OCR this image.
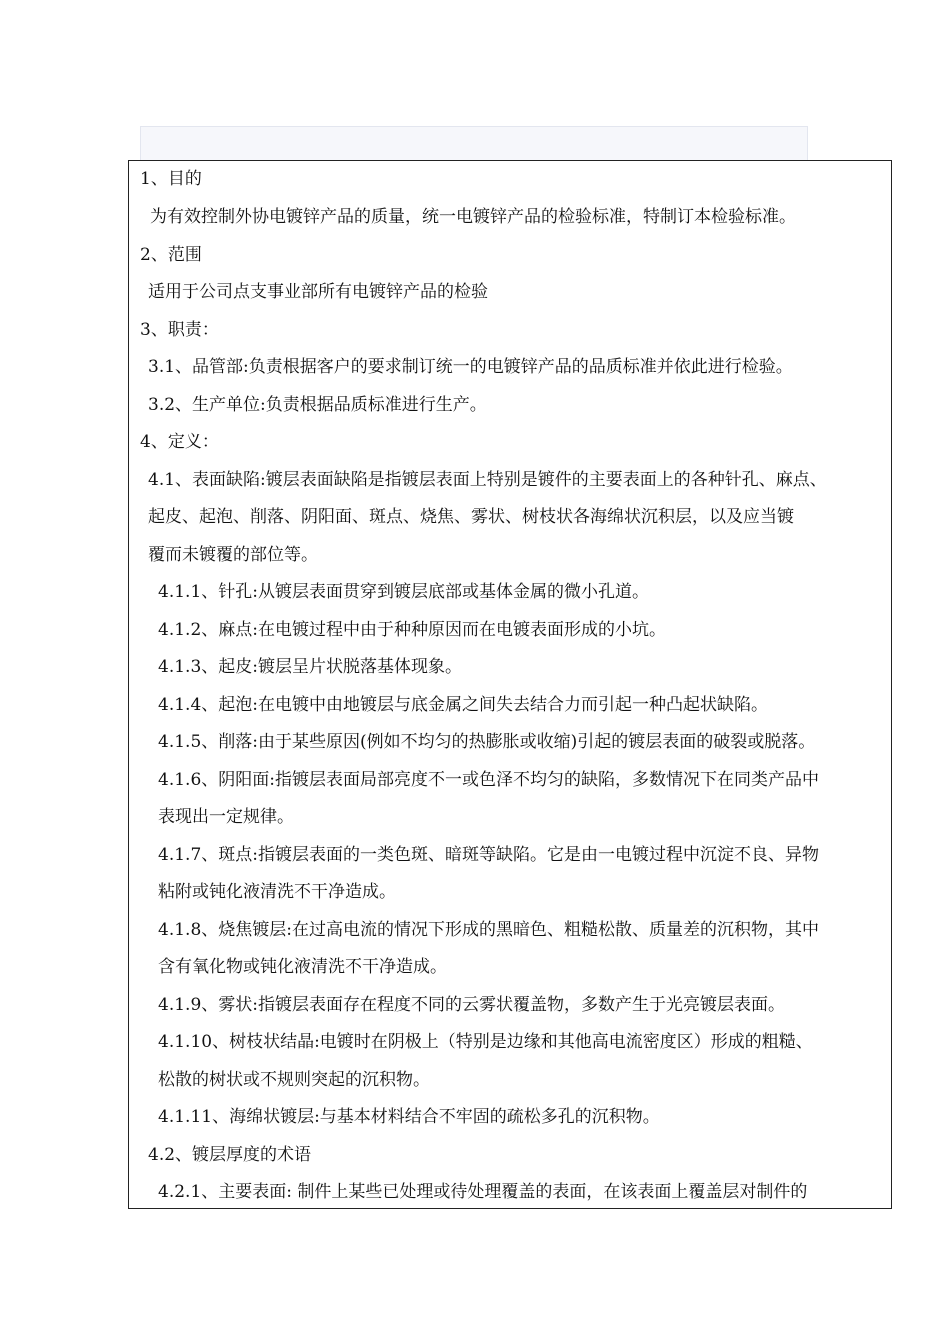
1、目的
为有效控制外协电镀锌产品的质量，统一电镀锌产品的检验标准，特制订本检验标准。
2、范围
适用于公司点支事业部所有电镀锌产品的检验
3、职责：
3.1、品管部:负责根据客户的要求制订统一的电镀锌产品的品质标准并依此进行检验。
3.2、生产单位:负责根据品质标准进行生产。
4、定义：
4.1、表面缺陷:镀层表面缺陷是指镀层表面上特别是镀件的主要表面上的各种针孔、麻点、
起皮、起泡、削落、阴阳面、斑点、烧焦、雾状、树枝状各海绵状沉积层，以及应当镀
覆而未镀覆的部位等。
4.1.1、针孔:从镀层表面贯穿到镀层底部或基体金属的微小孔道。
4.1.2、麻点:在电镀过程中由于种种原因而在电镀表面形成的小坑。
4.1.3、起皮:镀层呈片状脱落基体现象。
4.1.4、起泡:在电镀中由地镀层与底金属之间失去结合力而引起一种凸起状缺陷。
4.1.5、削落:由于某些原因(例如不均匀的热膨胀或收缩)引起的镀层表面的破裂或脱落。
4.1.6、阴阳面:指镀层表面局部亮度不一或色泽不均匀的缺陷，多数情况下在同类产品中
表现出一定规律。
4.1.7、斑点:指镀层表面的一类色斑、暗斑等缺陷。它是由一电镀过程中沉淀不良、异物
粘附或钝化液清洗不干净造成。
4.1.8、烧焦镀层:在过高电流的情况下形成的黑暗色、粗糙松散、质量差的沉积物，其中
含有氧化物或钝化液清洗不干净造成。
4.1.9、雾状:指镀层表面存在程度不同的云雾状覆盖物，多数产生于光亮镀层表面。
4.1.10、树枝状结晶:电镀时在阴极上（特别是边缘和其他高电流密度区）形成的粗糙、
松散的树状或不规则突起的沉积物。
4.1.11、海绵状镀层:与基本材料结合不牢固的疏松多孔的沉积物。
4.2、镀层厚度的术语
4.2.1、主要表面: 制件上某些已处理或待处理覆盖的表面，在该表面上覆盖层对制件的
